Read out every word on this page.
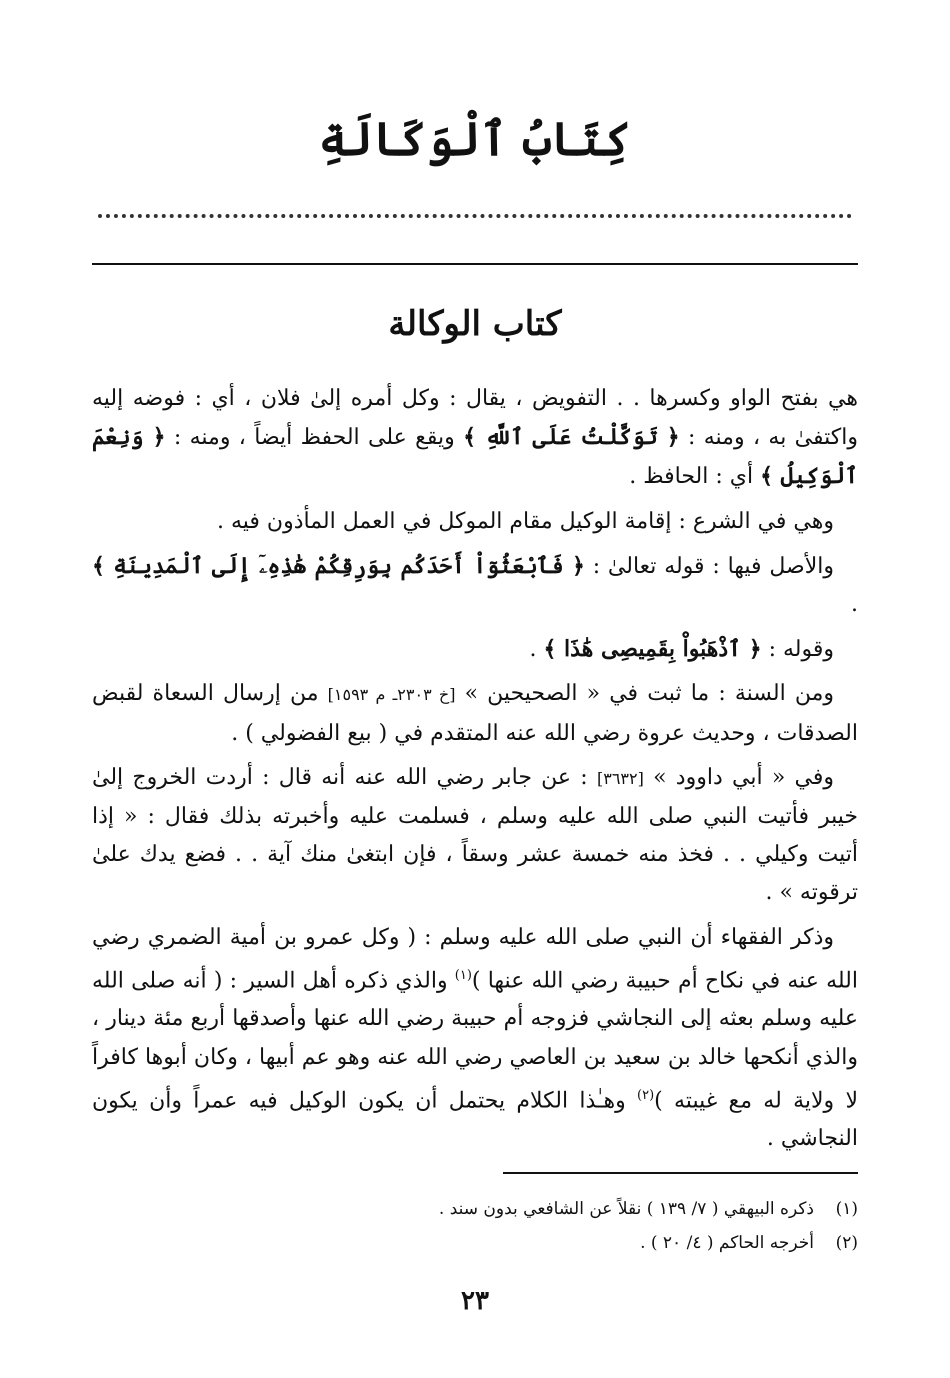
كِتَابُ ٱلْوَكَالَةِ
كتاب الوكالة

هي بفتح الواو وكسرها . . التفويض ، يقال : وكل أمره إلىٰ فلان ، أي : فوضه إليه واكتفىٰ به ، ومنه : ﴿ تَوَكَّلْتُ عَلَى ٱللَّهِ ﴾ ويقع على الحفظ أيضاً ، ومنه : ﴿ وَنِعْمَ ٱلْوَكِيلُ ﴾ أي : الحافظ .

وهي في الشرع : إقامة الوكيل مقام الموكل في العمل المأذون فيه .

والأصل فيها : قوله تعالىٰ : ﴿ فَٱبْعَثُوٓاْ أَحَدَكُم بِوَرِقِكُمْ هَٰذِهِۦٓ إِلَى ٱلْمَدِينَةِ ﴾ .

وقوله : ﴿ ٱذْهَبُواْ بِقَمِيصِى هَٰذَا ﴾ .

ومن السنة : ما ثبت في « الصحيحين » [خ ٢٣٠٣ـ م ١٥٩٣] من إرسال السعاة لقبض الصدقات ، وحديث عروة رضي الله عنه المتقدم في ( بيع الفضولي ) .

وفي « أبي داوود » [٣٦٣٢] : عن جابر رضي الله عنه أنه قال : أردت الخروج إلىٰ خيبر فأتيت النبي صلى الله عليه وسلم ، فسلمت عليه وأخبرته بذلك فقال : « إذا أتيت وكيلي . . فخذ منه خمسة عشر وسقاً ، فإن ابتغىٰ منك آية . . فضع يدك علىٰ ترقوته » .

وذكر الفقهاء أن النبي صلى الله عليه وسلم : ( وكل عمرو بن أمية الضمري رضي الله عنه في نكاح أم حبيبة رضي الله عنها )$^{(١)}$ والذي ذكره أهل السير : ( أنه صلى الله عليه وسلم بعثه إلى النجاشي فزوجه أم حبيبة رضي الله عنها وأصدقها أربع مئة دينار ، والذي أنكحها خالد بن سعيد بن العاصي رضي الله عنه وهو عم أبيها ، وكان أبوها كافراً لا ولاية له مع غيبته )$^{(٢)}$ وهـٰذا الكلام يحتمل أن يكون الوكيل فيه عمراً وأن يكون النجاشي .

(١)ذكره البيهقي ( ٧/ ١٣٩ ) نقلاً عن الشافعي بدون سند .
(٢)أخرجه الحاكم ( ٤/ ٢٠ ) .
٢٣
